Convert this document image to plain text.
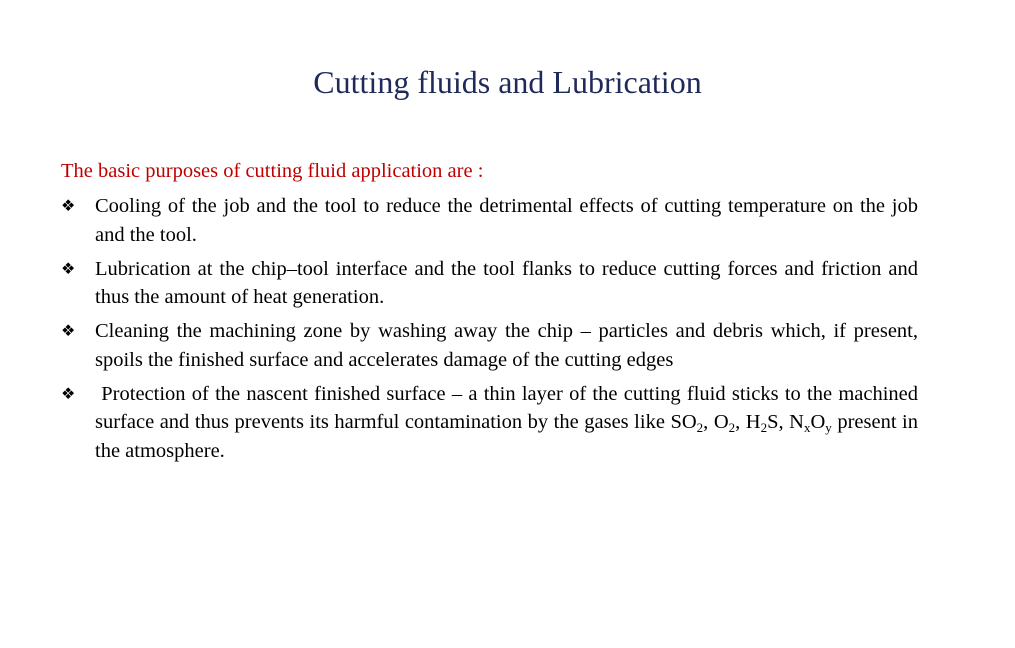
Cutting fluids and Lubrication

The basic purposes of cutting fluid application are :

❖ Cooling of the job and the tool to reduce the detrimental effects of cutting temperature on the job and the tool.
❖ Lubrication at the chip–tool interface and the tool flanks to reduce cutting forces and friction and thus the amount of heat generation.
❖ Cleaning the machining zone by washing away the chip – particles and debris which, if present, spoils the finished surface and accelerates damage of the cutting edges
❖ Protection of the nascent finished surface – a thin layer of the cutting fluid sticks to the machined surface and thus prevents its harmful contamination by the gases like $SO_2$, $O_2$, $H_2S$, $N_xO_y$ present in the atmosphere.
